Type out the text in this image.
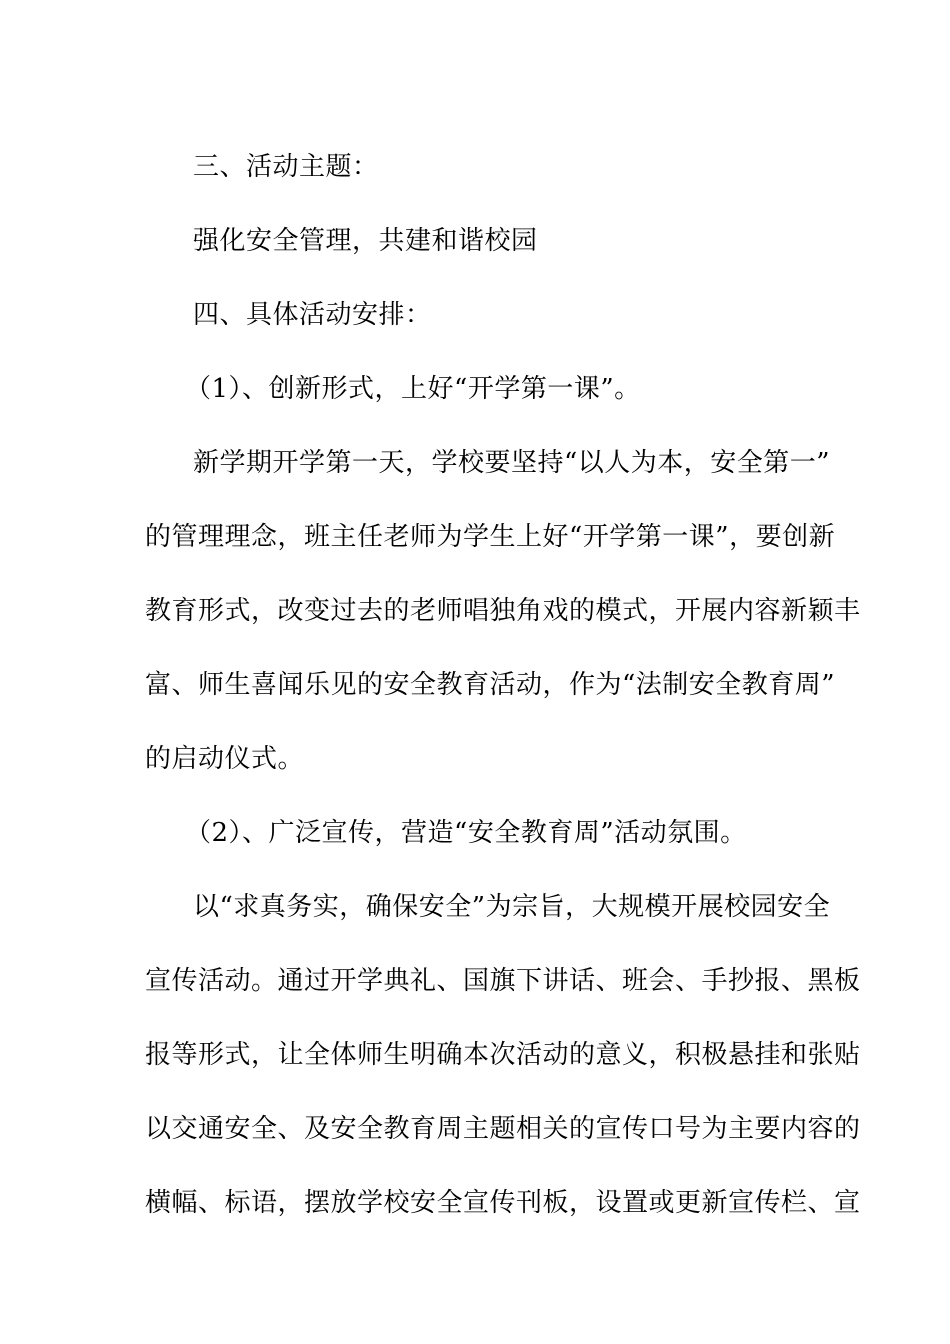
三、活动主题：
强化安全管理，共建和谐校园
四、具体活动安排：
（1）、创新形式，上好“开学第一课”。
新学期开学第一天，学校要坚持“以人为本，安全第一”
的管理理念，班主任老师为学生上好“开学第一课”，要创新
教育形式，改变过去的老师唱独角戏的模式，开展内容新颖丰
富、师生喜闻乐见的安全教育活动，作为“法制安全教育周”
的启动仪式。
（2）、广泛宣传，营造“安全教育周”活动氛围。
以“求真务实，确保安全”为宗旨，大规模开展校园安全
宣传活动。通过开学典礼、国旗下讲话、班会、手抄报、黑板
报等形式，让全体师生明确本次活动的意义，积极悬挂和张贴
以交通安全、及安全教育周主题相关的宣传口号为主要内容的
横幅、标语，摆放学校安全宣传刊板，设置或更新宣传栏、宣
